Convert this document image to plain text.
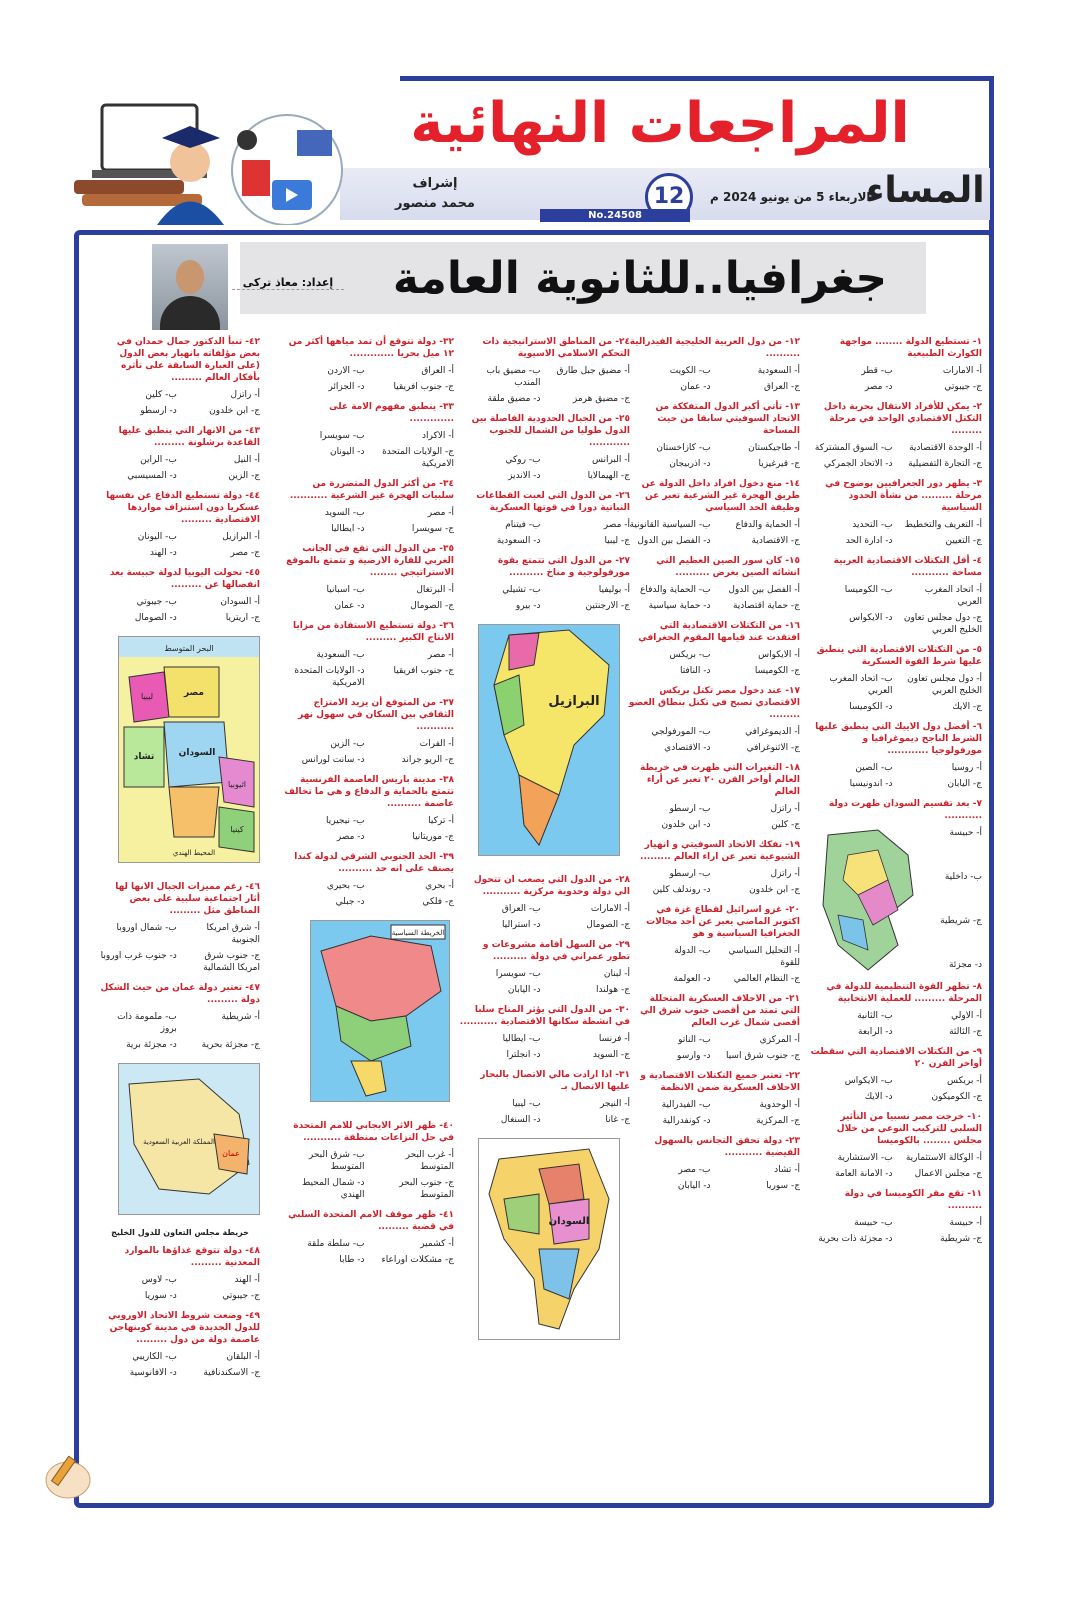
المراجعات النهائية
المساء
الاربعاء 5 من يونيو 2024 م
12
No.24508
إشراف
محمد منصور
جغرافيا..للثانوية العامة
إعداد: معاذ تركى
١- تستطيع الدولة ........ مواجهة الكوارث الطبيعية
أ- الامارات
ب- قطر
ج- جيبوتي
د- مصر
٢- يمكن للأفراد الانتقال بحرية داخل التكتل الاقتصادي الواحد في مرحلة .........
أ- الوحدة الاقتصادية
ب- السوق المشتركة
ج- التجارة التفضيلية
د- الاتحاد الجمركي
٣- يظهر دور الجغرافيين بوضوح في مرحلة ......... من نشأة الحدود السياسية
أ- التعريف والتخطيط
ب- التحديد
ج- التعيين
د- ادارة الحد
٤- أقل التكتلات الاقتصادية العربية مساحة ...........
أ- اتحاد المغرب العربي
ب- الكوميسا
ج- دول مجلس تعاون الخليج العربي
د- الايكواس
٥- من التكتلات الاقتصادية التي ينطبق عليها شرط القوة العسكرية
أ- دول مجلس تعاون الخليج العربي
ب- اتحاد المغرب العربي
ج- الايك
د- الكوميسا
٦- أفضل دول الاييك التي ينطبق عليها الشرط الناجح ديموغرافيا و مورفولوجيا ............
أ- روسيا
ب- الصين
ج- اليابان
د- اندونيسيا
٧- بعد تقسيم السودان ظهرت دولة ...........
أ- حبيسة
ب- داخلية
ج- شريطية
د- مجزئة
٨- تظهر القوة التنظيمية للدولة في المرحلة ......... للعملية الانتخابية
أ- الاولي
ب- الثانية
ج- الثالثة
د- الرابعة
٩- من التكتلات الاقتصادية التي سقطت أواخر القرن ٢٠
أ- بريكس
ب- الايكواس
ج- الكوميكون
د- الايك
١٠- خرجت مصر نسبيا من التأثير السلبي للتركيب النوعي من خلال مجلس ........ بالكوميسا
أ- الوكالة الاستثمارية
ب- الاستشارية
ج- مجلس الاعمال
د- الامانة العامة
١١- تقع مقر الكوميسا في دولة ..........
أ- حبيسة
ب- حبيسة
ج- شريطية
د- مجزئة ذات بحرية
١٢- من دول العربية الخليجية الفيدرالية ..........
أ- السعودية
ب- الكويت
ج- العراق
د- عمان
١٣- تأتي أكبر الدول المتفككة من الاتحاد السوفيتي سابقا من حيث المساحة
أ- طاجيكستان
ب- كازاخستان
ج- قيرغيزيا
د- اذربيجان
١٤- منع دخول افراد داخل الدولة عن طريق الهجرة غير الشرعية تعبر عن وظيفة الحد السياسي
أ- الحماية والدفاع
ب- السياسية القانونية
ج- الاقتصادية
د- الفصل بين الدول
١٥- كان سور الصين العظيم التي انشائه الصين بغرض ..........
أ- الفصل بين الدول
ب- الحماية والدفاع
ج- حماية اقتصادية
د- حماية سياسية
١٦- من التكتلات الاقتصادية التي افتقدت عند قيامها المقوم الجغرافي
أ- الايكواس
ب- بريكس
ج- الكوميسا
د- النافتا
١٧- عند دخول مصر تكتل بريكس الاقتصادي تصبح في تكتل بنطاق العضو .........
أ- الديموغرافي
ب- المورفولجي
ج- الاثنوغرافي
د- الاقتصادي
١٨- التغيرات التي ظهرت في خريطة العالم أواخر القرن ٢٠ تعبر عن أراء العالم
أ- راتزل
ب- ارسطو
ج- كلين
د- ابن خلدون
١٩- تفكك الاتحاد السوفيتي و انهيار الشيوعية تعبر عن اراء العالم .........
أ- راتزل
ب- ارسطو
ج- ابن خلدون
د- روندلف كلين
٢٠- غزو اسرائيل لقطاع غزة في اكتوبر الماضي يعبر عن أحد مجالات الجغرافيا السياسية و هو
أ- التحليل السياسي للقوة
ب- الدولة
ج- النظام العالمي
د- العولمة
٢١- من الاحلاف العسكرية المتحللة التي تمتد من أقصى جنوب شرق الي أقصى شمال غرب العالم
أ- المركزي
ب- الناتو
ج- جنوب شرق اسيا
د- وارسو
٢٢- تعتبر جميع التكتلات الاقتصادية و الاحلاف العسكرية ضمن الانظمة
أ- الوحدوية
ب- الفيدرالية
ج- المركزية
د- كونفدرالية
٢٣- دولة تحقق التجانس بالسهول الفيضية ...........
أ- تشاد
ب- مصر
ج- سوريا
د- اليابان
٢٤- من المناطق الاستراتيجية ذات التحكم الاسلامي الاسيوية
أ- مضيق جبل طارق
ب- مضيق باب المندب
ج- مضيق هرمز
د- مضيق ملقة
٢٥- من الجبال الحدودية الفاصلة بين الدول طوليا من الشمال للجنوب ............
أ- البرانس
ب- روكي
ج- الهيمالايا
د- الانديز
٢٦- من الدول التي لعبت القطاعات النباتية دورا في قوتها العسكرية
أ- مصر
ب- فيتنام
ج- ليبيا
د- السعودية
٢٧- من الدول التي تتمتع بقوة مورفولوجية و مناخ ..........
أ- بوليفيا
ب- تشيلي
ج- الارجنتين
د- بيرو
البرازيل
٢٨- من الدول التي يصعب ان تتحول الي دولة وحدوية مركزية ...........
أ- الامارات
ب- العراق
ج- الصومال
د- استراليا
٢٩- من السهل أقامة مشروعات و تطور عمراني في دولة ..........
أ- لبنان
ب- سويسرا
ج- هولندا
د- اليابان
٣٠- من الدول التي يؤثر المناخ سلبا في انشطة سكانها الاقتصادية ...........
أ- فرنسا
ب- ايطاليا
ج- السويد
د- انجلترا
٣١- اذا ارادت مالي الاتصال بالبحار عليها الاتصال بـ
أ- النيجر
ب- ليبيا
ج- غانا
د- السنغال
السودان
٣٢- دولة تتوقع أن تمد مياهها أكثر من ١٢ ميل بحريا .............
أ- العراق
ب- الاردن
ج- جنوب افريقيا
د- الجزائر
٣٣- ينطبق مفهوم الامة على .............
أ- الاكراد
ب- سويسرا
ج- الولايات المتحدة الامريكية
د- اليونان
٣٤- من أكثر الدول المتضررة من سلبيات الهجرة غير الشرعية ...........
أ- مصر
ب- السويد
ج- سويسرا
د- ايطاليا
٣٥- من الدول التي تقع في الجانب الغربي للقارة الارضية و تتمتع بالموقع الاستراتيجي ........
أ- البرتغال
ب- اسبانيا
ج- الصومال
د- عمان
٣٦- دولة تستطيع الاستفادة من مزايا الانتاج الكبير .........
أ- مصر
ب- السعودية
ج- جنوب افريقيا
د- الولايات المتحدة الامريكية
٣٧- من المتوقع أن يزيد الامتزاج الثقافي بين السكان في سهول نهر ...........
أ- الفرات
ب- الزين
ج- الريو جراند
د- سانت لورانس
٣٨- مدينة باريس العاصمة الفرنسية تتمتع بالحماية و الدفاع و هي ما تخالف عاصمة ..........
أ- تركيا
ب- نيجيريا
ج- موريتانيا
د- مصر
٣٩- الحد الجنوبي الشرقي لدولة كندا يصنف على انه حد ..........
أ- بحري
ب- بحيري
ج- فلكي
د- جبلي
الخريطة السياسية
٤٠- ظهر الاثر الايجابي للامم المتحدة في حل النزاعات بمنطقة ...........
أ- غرب البحر المتوسط
ب- شرق البحر المتوسط
ج- جنوب البحر المتوسط
د- شمال المحيط الهندي
٤١- ظهر موقف الامم المتحدة السلبي في قضية .........
أ- كشمير
ب- سلطة ملقة
ج- مشكلات اوراعاء
د- طابا
٤٢- تنبأ الدكتور جمال حمدان في بعض مؤلفاته بانهيار بعض الدول (على العبارة السابقة على تأثره بأفكار العالم .........
أ- راتزل
ب- كلين
ج- ابن خلدون
د- ارسطو
٤٣- من الانهار التي ينطبق عليها القاعدة برشلونة .........
أ- النيل
ب- الراين
ج- الزين
د- المسيسبي
٤٤- دولة تستطيع الدفاع عن نفسها عسكريا دون استنزاف مواردها الاقتصادية .........
أ- البرازيل
ب- اليونان
ج- مصر
د- الهند
٤٥- تحولت اليوبيا لدولة حبيسة بعد انفصالها عن .........
أ- السودان
ب- جيبوتي
ج- اريتريا
د- الصومال
البحر المتوسط
مصر
ليبيا
تشاد	السودان
اثيوبيا
كينيا
المحيط الهندي
٤٦- رغم مميزات الجبال الانها لها أثار اجتماعية سلبية على بعض المناطق مثل .........
أ- شرق امريكا الجنوبية
ب- شمال اوروبا
ج- جنوب شرق امريكا الشمالية
د- جنوب غرب اوروبا
٤٧- تعتبر دولة عمان من حيث الشكل دولة .........
أ- شريطية
ب- ملمومة ذات بروز
ج- مجزئة بحرية
د- مجزئة برية
المملكة العربية السعودية
عمان
خريطة مجلس التعاون للدول الخليج
٤٨- دولة تتوقع غذاؤها بالموارد المعدنية .........
أ- الهند
ب- لاوس
ج- جيبوتي
د- سوريا
٤٩- وضعت شروط الاتحاد الاوروبي للدول الجديدة في مدينة كوبنهاجن عاصمة دولة من دول .........
أ- البلقان
ب- الكاريبي
ج- الاسكندنافية
د- الافانوسية
